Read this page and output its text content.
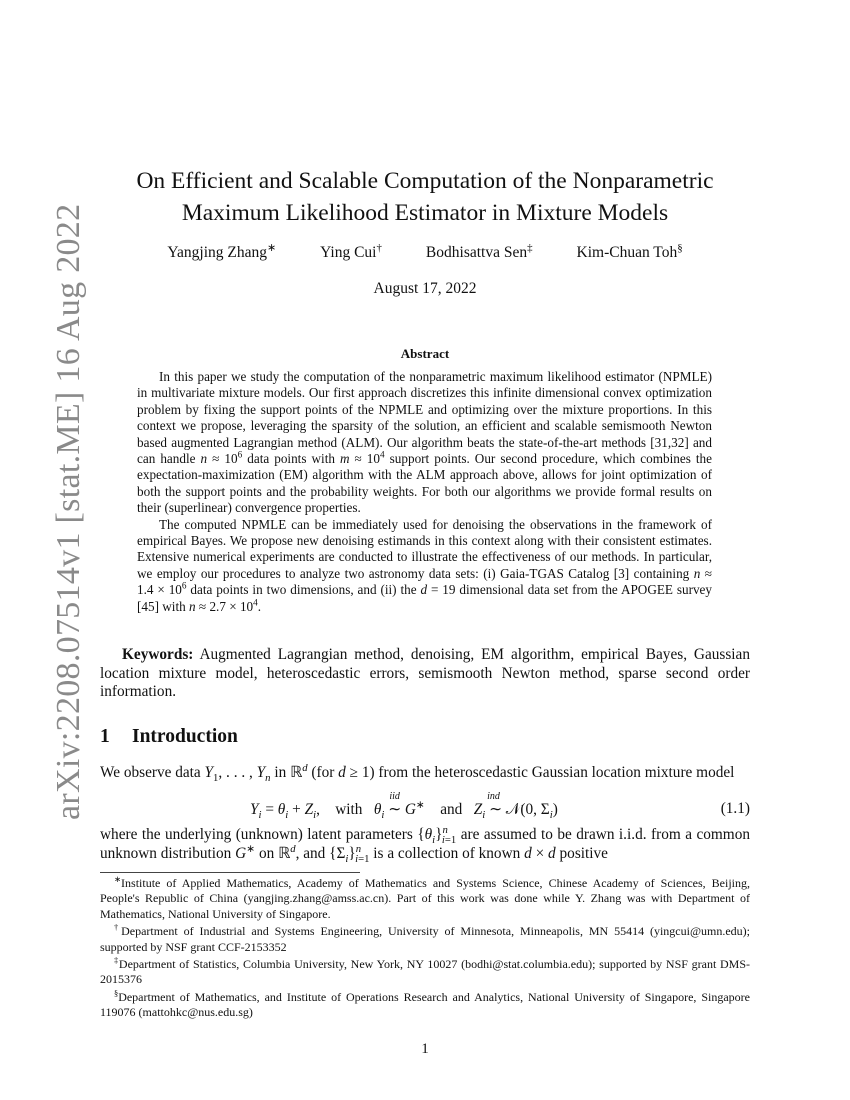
arXiv:2208.07514v1 [stat.ME] 16 Aug 2022
On Efficient and Scalable Computation of the Nonparametric
Maximum Likelihood Estimator in Mixture Models
Yangjing Zhang∗	Ying Cui†	Bodhisattva Sen‡	Kim-Chuan Toh§
August 17, 2022
Abstract

In this paper we study the computation of the nonparametric maximum likelihood estimator (NPMLE) in multivariate mixture models. Our first approach discretizes this infinite dimensional convex optimization problem by fixing the support points of the NPMLE and optimizing over the mixture proportions. In this context we propose, leveraging the sparsity of the solution, an efficient and scalable semismooth Newton based augmented Lagrangian method (ALM). Our algorithm beats the state-of-the-art methods [31,32] and can handle $n \approx 10^6$ data points with $m \approx 10^4$ support points. Our second procedure, which combines the expectation-maximization (EM) algorithm with the ALM approach above, allows for joint optimization of both the support points and the probability weights. For both our algorithms we provide formal results on their (superlinear) convergence properties.

The computed NPMLE can be immediately used for denoising the observations in the framework of empirical Bayes. We propose new denoising estimands in this context along with their consistent estimates. Extensive numerical experiments are conducted to illustrate the effectiveness of our methods. In particular, we employ our procedures to analyze two astronomy data sets: (i) Gaia-TGAS Catalog [3] containing $n \approx 1.4 \times 10^6$ data points in two dimensions, and (ii) the d = 19 dimensional data set from the APOGEE survey [45] with $n \approx 2.7 \times 10^4$.

Keywords: Augmented Lagrangian method, denoising, EM algorithm, empirical Bayes, Gaussian location mixture model, heteroscedastic errors, semismooth Newton method, sparse second order information.
1 Introduction
We observe data $Y_1$, . . . , $Y_n$ in ℝ$^d$ (for d ≥ 1) from the heteroscedastic Gaussian location mixture model
$Y_i = \theta_i + Z_i$,    with $\theta_i$
iid
∼ G∗ and $Z_i$
ind
∼ 𝒩(0, $\Sigma_i$)	(1.1)
where the underlying (unknown) latent parameters $\{\theta_i\}^n_{i=1}$ are assumed to be drawn i.i.d. from a common unknown distribution G∗ on ℝ$^d$, and $\{\Sigma_i\}^n_{i=1}$ is a collection of known d × d positive

∗Institute of Applied Mathematics, Academy of Mathematics and Systems Science, Chinese Academy of Sciences, Beijing, People's Republic of China (yangjing.zhang@amss.ac.cn). Part of this work was done while Y. Zhang was with Department of Mathematics, National University of Singapore.

†Department of Industrial and Systems Engineering, University of Minnesota, Minneapolis, MN 55414 (yingcui@umn.edu); supported by NSF grant CCF-2153352

‡Department of Statistics, Columbia University, New York, NY 10027 (bodhi@stat.columbia.edu); supported by NSF grant DMS-2015376

§Department of Mathematics, and Institute of Operations Research and Analytics, National University of Singapore, Singapore 119076 (mattohkc@nus.edu.sg)

1
